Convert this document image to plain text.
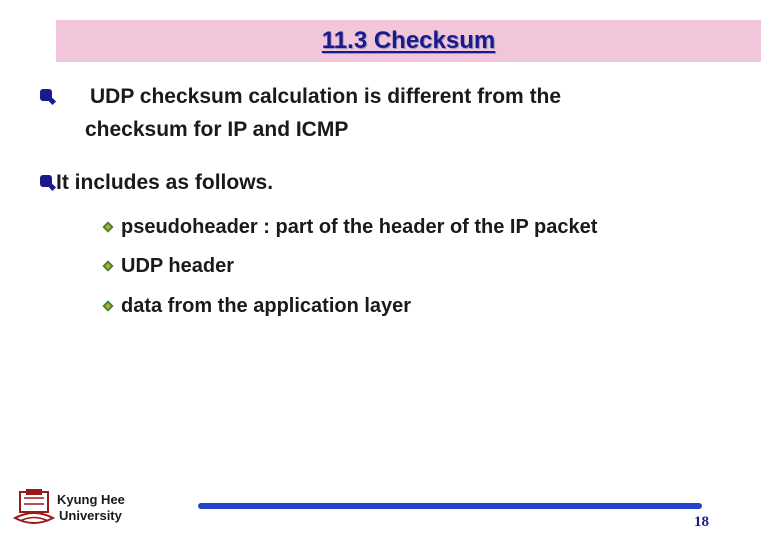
11.3 Checksum
UDP checksum calculation is different from the
checksum for IP and ICMP
It includes as follows.
pseudoheader : part of the header of the IP packet
UDP header
data from the application layer
Kyung Hee
University	18
